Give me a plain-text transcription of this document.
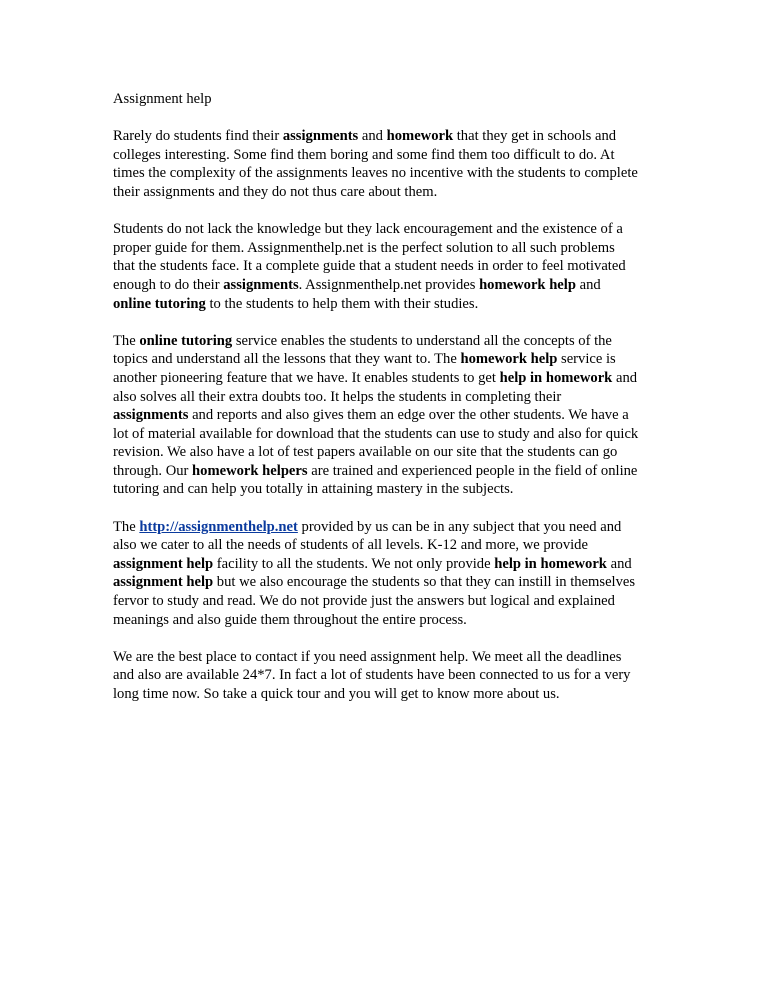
Assignment help

Rarely do students find their assignments and homework that they get in schools and
colleges interesting. Some find them boring and some find them too difficult to do. At
times the complexity of the assignments leaves no incentive with the students to complete
their assignments and they do not thus care about them.

Students do not lack the knowledge but they lack encouragement and the existence of a
proper guide for them. Assignmenthelp.net is the perfect solution to all such problems
that the students face. It a complete guide that a student needs in order to feel motivated
enough to do their assignments. Assignmenthelp.net provides homework help and
online tutoring to the students to help them with their studies.

The online tutoring service enables the students to understand all the concepts of the
topics and understand all the lessons that they want to. The homework help service is
another pioneering feature that we have. It enables students to get help in homework and
also solves all their extra doubts too. It helps the students in completing their
assignments and reports and also gives them an edge over the other students. We have a
lot of material available for download that the students can use to study and also for quick
revision. We also have a lot of test papers available on our site that the students can go
through. Our homework helpers are trained and experienced people in the field of online
tutoring and can help you totally in attaining mastery in the subjects.

The http://assignmenthelp.net provided by us can be in any subject that you need and
also we cater to all the needs of students of all levels. K-12 and more, we provide
assignment help facility to all the students. We not only provide help in homework and
assignment help but we also encourage the students so that they can instill in themselves
fervor to study and read. We do not provide just the answers but logical and explained
meanings and also guide them throughout the entire process.

We are the best place to contact if you need assignment help. We meet all the deadlines
and also are available 24*7. In fact a lot of students have been connected to us for a very
long time now. So take a quick tour and you will get to know more about us.
